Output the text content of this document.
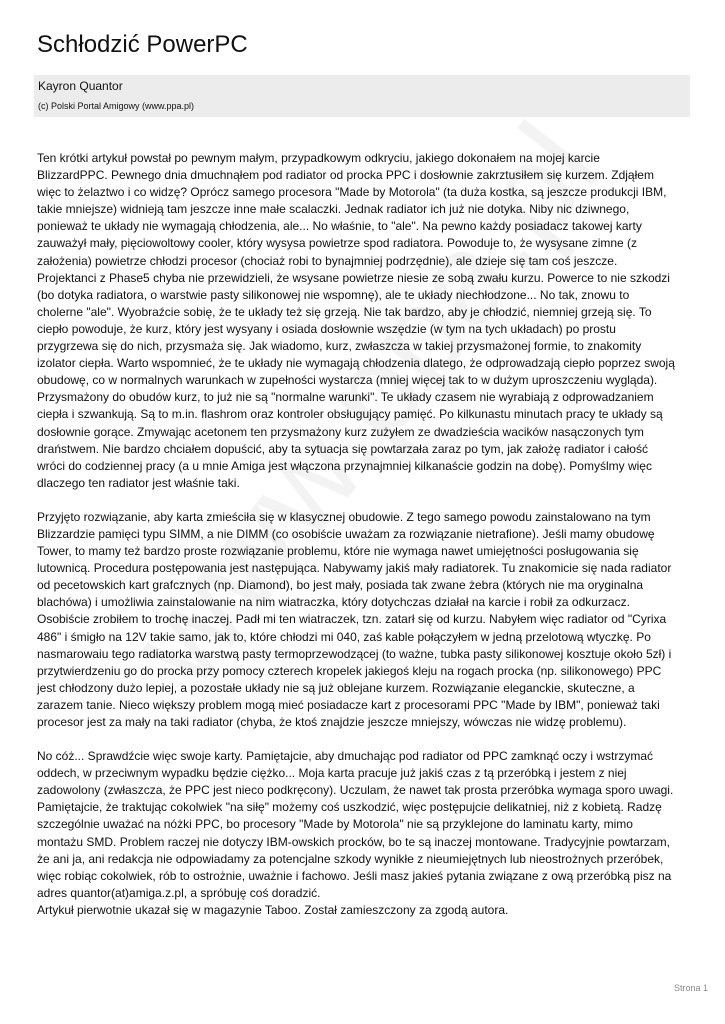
Schłodzić PowerPC
Kayron Quantor
(c) Polski Portal Amigowy (www.ppa.pl)

Ten krótki artykuł powstał po pewnym małym, przypadkowym odkryciu, jakiego dokonałem na mojej karcie
BlizzardPPC. Pewnego dnia dmuchnąłem pod radiator od procka PPC i dosłownie zakrztusiłem się kurzem. Zdjąłem
więc to żelaztwo i co widzę? Oprócz samego procesora "Made by Motorola" (ta duża kostka, są jeszcze produkcji IBM,
takie mniejsze) widnieją tam jeszcze inne małe scalaczki. Jednak radiator ich już nie dotyka. Niby nic dziwnego,
ponieważ te układy nie wymagają chłodzenia, ale... No właśnie, to "ale". Na pewno każdy posiadacz takowej karty
zauważył mały, pięciowoltowy cooler, który wysysa powietrze spod radiatora. Powoduje to, że wysysane zimne (z
założenia) powietrze chłodzi procesor (chociaż robi to bynajmniej podrzędnie), ale dzieje się tam coś jeszcze.
Projektanci z Phase5 chyba nie przewidzieli, że wsysane powietrze niesie ze sobą zwału kurzu. Powerce to nie szkodzi
(bo dotyka radiatora, o warstwie pasty silikonowej nie wspomnę), ale te układy niechłodzone... No tak, znowu to
cholerne "ale". Wyobraźcie sobię, że te układy też się grzeją. Nie tak bardzo, aby je chłodzić, niemniej grzeją się. To
ciepło powoduje, że kurz, który jest wysyany i osiada dosłownie wszędzie (w tym na tych układach) po prostu
przygrzewa się do nich, przysmaża się. Jak wiadomo, kurz, zwłaszcza w takiej przysmażonej formie, to znakomity
izolator ciepła. Warto wspomnieć, że te układy nie wymagają chłodzenia dlatego, że odprowadzają ciepło poprzez swoją
obudowę, co w normalnych warunkach w zupełności wystarcza (mniej więcej tak to w dużym uproszczeniu wygląda).
Przysmażony do obudów kurz, to już nie są "normalne warunki". Te układy czasem nie wyrabiają z odprowadzaniem
ciepła i szwankują. Są to m.in. flashrom oraz kontroler obsługujący pamięć. Po kilkunastu minutach pracy te układy są
dosłownie gorące. Zmywając acetonem ten przysmażony kurz zużyłem ze dwadzieścia wacików nasączonych tym
draństwem. Nie bardzo chciałem dopuścić, aby ta sytuacja się powtarzała zaraz po tym, jak założę radiator i całość
wróci do codziennej pracy (a u mnie Amiga jest włączona przynajmniej kilkanaście godzin na dobę). Pomyślmy więc
dlaczego ten radiator jest właśnie taki.

Przyjęto rozwiązanie, aby karta zmieściła się w klasycznej obudowie. Z tego samego powodu zainstalowano na tym
Blizzardzie pamięci typu SIMM, a nie DIMM (co osobiście uważam za rozwiązanie nietrafione). Jeśli mamy obudowę
Tower, to mamy też bardzo proste rozwiązanie problemu, które nie wymaga nawet umiejętności posługowania się
lutownicą. Procedura postępowania jest następująca. Nabywamy jakiś mały radiatorek. Tu znakomicie się nada radiator
od pecetowskich kart grafcznych (np. Diamond), bo jest mały, posiada tak zwane żebra (których nie ma oryginalna
blachówa) i umożliwia zainstalowanie na nim wiatraczka, który dotychczas działał na karcie i robił za odkurzacz.
Osobiście zrobiłem to trochę inaczej. Padł mi ten wiatraczek, tzn. zatarł się od kurzu. Nabyłem więc radiator od "Cyrixa
486" i śmigło na 12V takie samo, jak to, które chłodzi mi 040, zaś kable połączyłem w jedną przelotową wtyczkę. Po
nasmarowaiu tego radiatorka warstwą pasty termoprzewodzącej (to ważne, tubka pasty silikonowej kosztuje około 5zł) i
przytwierdzeniu go do procka przy pomocy czterech kropelek jakiegoś kleju na rogach procka (np. silikonowego) PPC
jest chłodzony dużo lepiej, a pozostałe układy nie są już oblejane kurzem. Rozwiązanie eleganckie, skuteczne, a
zarazem tanie. Nieco większy problem mogą mieć posiadacze kart z procesorami PPC "Made by IBM", ponieważ taki
procesor jest za mały na taki radiator (chyba, że ktoś znajdzie jeszcze mniejszy, wówczas nie widzę problemu).

No cóż... Sprawdźcie więc swoje karty. Pamiętajcie, aby dmuchając pod radiator od PPC zamknąć oczy i wstrzymać
oddech, w przeciwnym wypadku będzie ciężko... Moja karta pracuje już jakiś czas z tą przeróbką i jestem z niej
zadowolony (zwłaszcza, że PPC jest nieco podkręcony). Uczulam, że nawet tak prosta przeróbka wymaga sporo uwagi.
Pamiętajcie, że traktując cokolwiek "na siłę" możemy coś uszkodzić, więc postępujcie delikatniej, niż z kobietą. Radzę
szczególnie uważać na nóżki PPC, bo procesory "Made by Motorola" nie są przyklejone do laminatu karty, mimo
montażu SMD. Problem raczej nie dotyczy IBM-owskich procków, bo te są inaczej montowane. Tradycyjnie powtarzam,
że ani ja, ani redakcja nie odpowiadamy za potencjalne szkody wynikłe z nieumiejętnych lub nieostrożnych przeróbek,
więc robiąc cokolwiek, rób to ostrożnie, uważnie i fachowo. Jeśli masz jakieś pytania związane z ową przeróbką pisz na
adres quantor(at)amiga.z.pl, a spróbuję coś doradzić.

Artykuł pierwotnie ukazał się w magazynie Taboo. Został zamieszczony za zgodą autora.

Strona 1
